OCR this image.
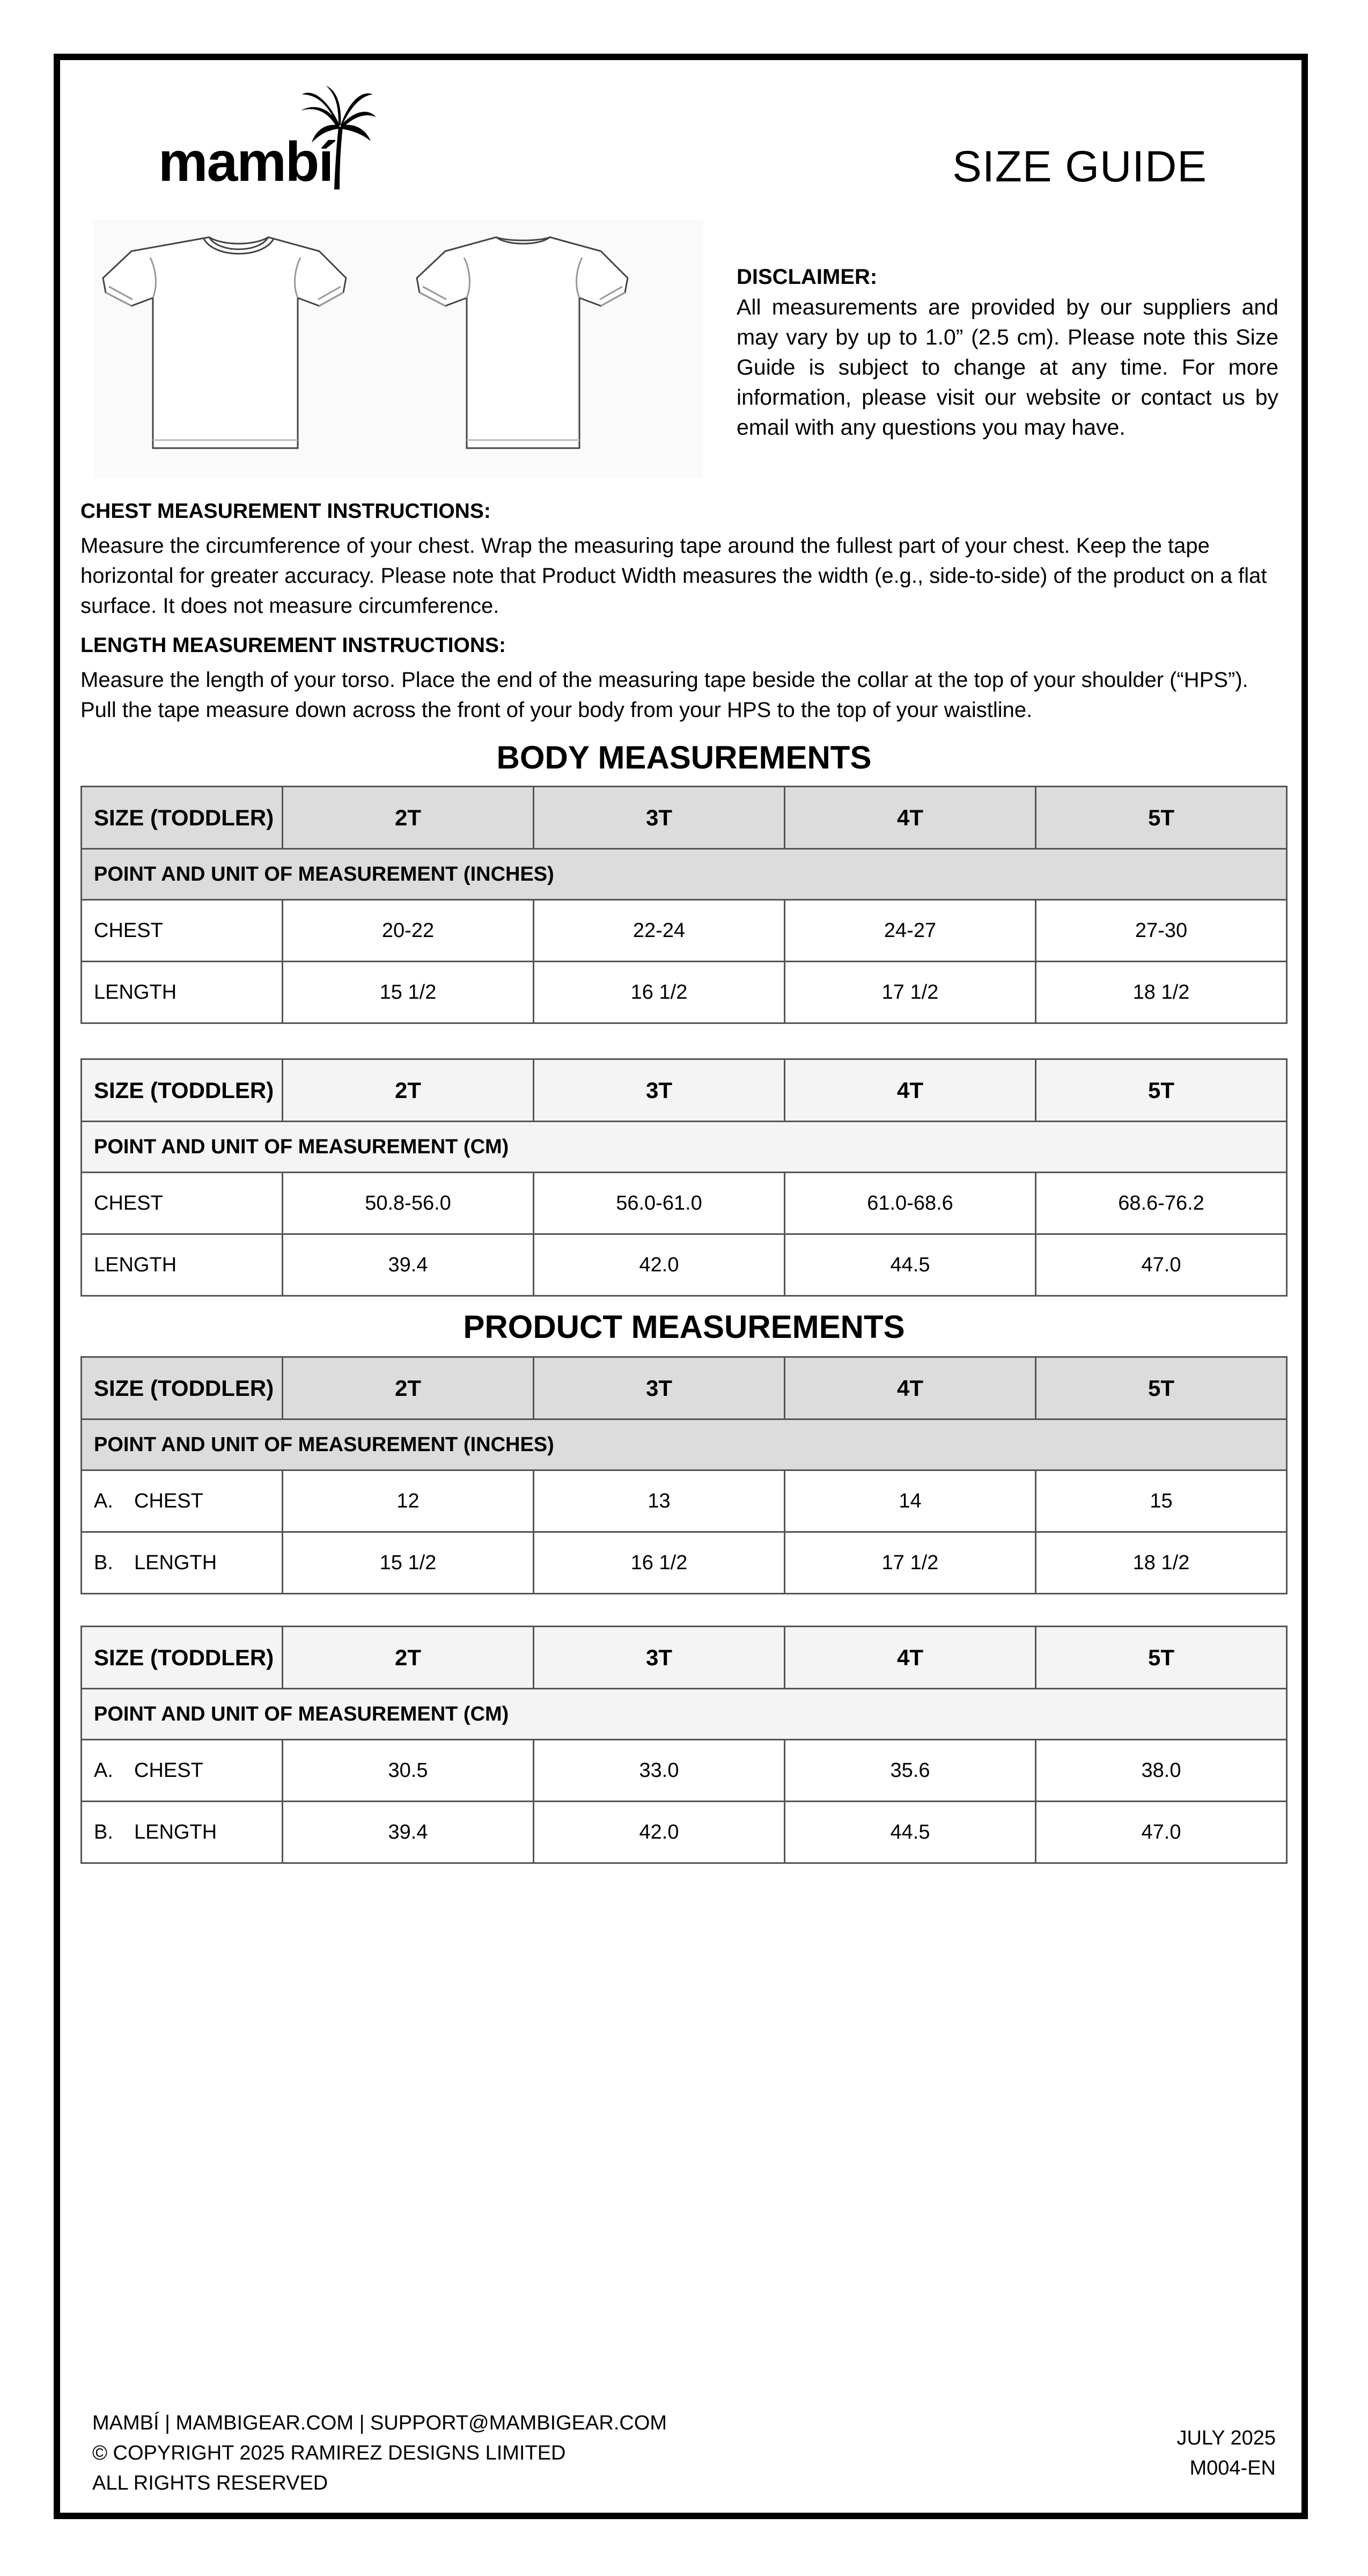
mambí	SIZE GUIDE
DISCLAIMER:
All measurements are provided by our suppliers and may vary by up to 1.0” (2.5 cm). Please note this Size Guide is subject to change at any time. For more information, please visit our website or contact us by email with any questions you may have.
CHEST MEASUREMENT INSTRUCTIONS:
Measure the circumference of your chest. Wrap the measuring tape around the fullest part of your chest. Keep the tape horizontal for greater accuracy. Please note that Product Width measures the width (e.g., side-to-side) of the product on a flat surface. It does not measure circumference.
LENGTH MEASUREMENT INSTRUCTIONS:
Measure the length of your torso. Place the end of the measuring tape beside the collar at the top of your shoulder (“HPS”). Pull the tape measure down across the front of your body from your HPS to the top of your waistline.
BODY MEASUREMENTS
SIZE (TODDLER)	2T	3T	4T	5T
POINT AND UNIT OF MEASUREMENT (INCHES)				
CHEST	20-22	22-24	24-27	27-30
LENGTH	15 1/2	16 1/2	17 1/2	18 1/2
SIZE (TODDLER)	2T	3T	4T	5T
POINT AND UNIT OF MEASUREMENT (CM)				
CHEST	50.8-56.0	56.0-61.0	61.0-68.6	68.6-76.2
LENGTH	39.4	42.0	44.5	47.0
PRODUCT MEASUREMENTS
SIZE (TODDLER)	2T	3T	4T	5T
POINT AND UNIT OF MEASUREMENT (INCHES)				
A. CHEST	12	13	14	15
B. LENGTH	15 1/2	16 1/2	17 1/2	18 1/2
SIZE (TODDLER)	2T	3T	4T	5T
POINT AND UNIT OF MEASUREMENT (CM)				
A. CHEST	30.5	33.0	35.6	38.0
B. LENGTH	39.4	42.0	44.5	47.0
MAMBÍ | MAMBIGEAR.COM | SUPPORT@MAMBIGEAR.COM
© COPYRIGHT 2025 RAMIREZ DESIGNS LIMITED
ALL RIGHTS RESERVED
JULY 2025
M004-EN
